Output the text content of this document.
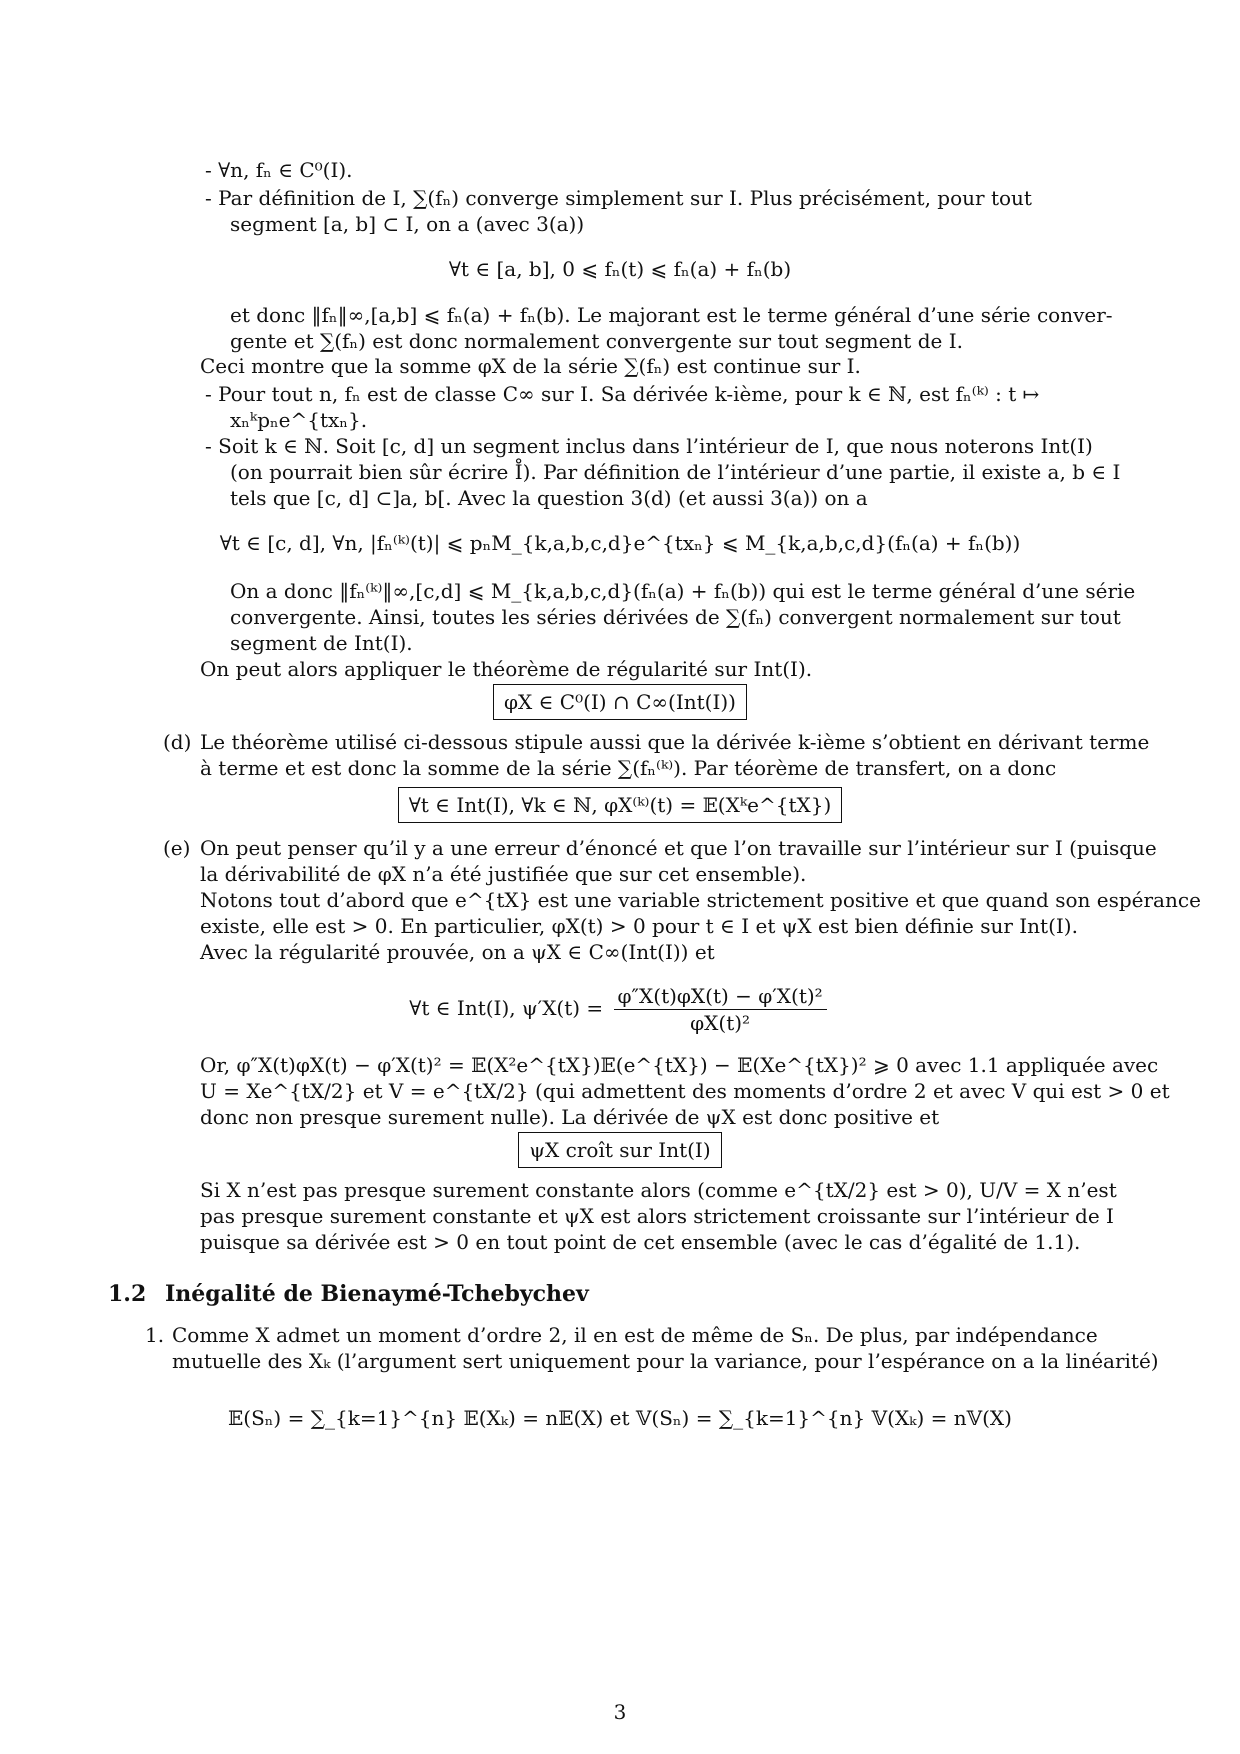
- ∀n, fₙ ∈ C⁰(I).
- Par définition de I, ∑(fₙ) converge simplement sur I. Plus précisément, pour tout
segment [a, b] ⊂ I, on a (avec 3(a))
∀t ∈ [a, b], 0 ⩽ fₙ(t) ⩽ fₙ(a) + fₙ(b)
et donc ‖fₙ‖∞,[a,b] ⩽ fₙ(a) + fₙ(b). Le majorant est le terme général d’une série conver-
gente et ∑(fₙ) est donc normalement convergente sur tout segment de I.
Ceci montre que la somme φX de la série ∑(fₙ) est continue sur I.
- Pour tout n, fₙ est de classe C∞ sur I. Sa dérivée k-ième, pour k ∈ ℕ, est fₙ⁽ᵏ⁾ : t ↦
xₙᵏpₙe^{txₙ}.
- Soit k ∈ ℕ. Soit [c, d] un segment inclus dans l’intérieur de I, que nous noterons Int(I)
(on pourrait bien sûr écrire I̊). Par définition de l’intérieur d’une partie, il existe a, b ∈ I
tels que [c, d] ⊂]a, b[. Avec la question 3(d) (et aussi 3(a)) on a
∀t ∈ [c, d], ∀n, |fₙ⁽ᵏ⁾(t)| ⩽ pₙM_{k,a,b,c,d}e^{txₙ} ⩽ M_{k,a,b,c,d}(fₙ(a) + fₙ(b))
On a donc ‖fₙ⁽ᵏ⁾‖∞,[c,d] ⩽ M_{k,a,b,c,d}(fₙ(a) + fₙ(b)) qui est le terme général d’une série
convergente. Ainsi, toutes les séries dérivées de ∑(fₙ) convergent normalement sur tout
segment de Int(I).
On peut alors appliquer le théorème de régularité sur Int(I).
φX ∈ C⁰(I) ∩ C∞(Int(I))
(d) Le théorème utilisé ci-dessous stipule aussi que la dérivée k-ième s’obtient en dérivant terme
à terme et est donc la somme de la série ∑(fₙ⁽ᵏ⁾). Par téorème de transfert, on a donc
∀t ∈ Int(I), ∀k ∈ ℕ, φX⁽ᵏ⁾(t) = 𝔼(Xᵏe^{tX})
(e) On peut penser qu’il y a une erreur d’énoncé et que l’on travaille sur l’intérieur sur I (puisque
la dérivabilité de φX n’a été justifiée que sur cet ensemble).
Notons tout d’abord que e^{tX} est une variable strictement positive et que quand son espérance
existe, elle est > 0. En particulier, φX(t) > 0 pour t ∈ I et ψX est bien définie sur Int(I).
Avec la régularité prouvée, on a ψX ∈ C∞(Int(I)) et
∀t ∈ Int(I), $\psi'X(t) = \frac{\text{φ″X(t)φX(t) − φ′X(t)²}}{\text{φX(t)²}}$
Or, φ″X(t)φX(t) − φ′X(t)² = 𝔼(X²e^{tX})𝔼(e^{tX}) − 𝔼(Xe^{tX})² ⩾ 0 avec 1.1 appliquée avec
U = Xe^{tX/2} et V = e^{tX/2} (qui admettent des moments d’ordre 2 et avec V qui est > 0 et
donc non presque surement nulle). La dérivée de ψX est donc positive et
ψX croît sur Int(I)
Si X n’est pas presque surement constante alors (comme e^{tX/2} est > 0), U/V = X n’est
pas presque surement constante et ψX est alors strictement croissante sur l’intérieur de I
puisque sa dérivée est > 0 en tout point de cet ensemble (avec le cas d’égalité de 1.1).
1.2 Inégalité de Bienaymé-Tchebychev
1. Comme X admet un moment d’ordre 2, il en est de même de Sₙ. De plus, par indépendance
mutuelle des Xₖ (l’argument sert uniquement pour la variance, pour l’espérance on a la linéarité)
𝔼(Sₙ) = ∑_{k=1}^{n} 𝔼(Xₖ) = n𝔼(X) et 𝕍(Sₙ) = ∑_{k=1}^{n} 𝕍(Xₖ) = n𝕍(X)
3
